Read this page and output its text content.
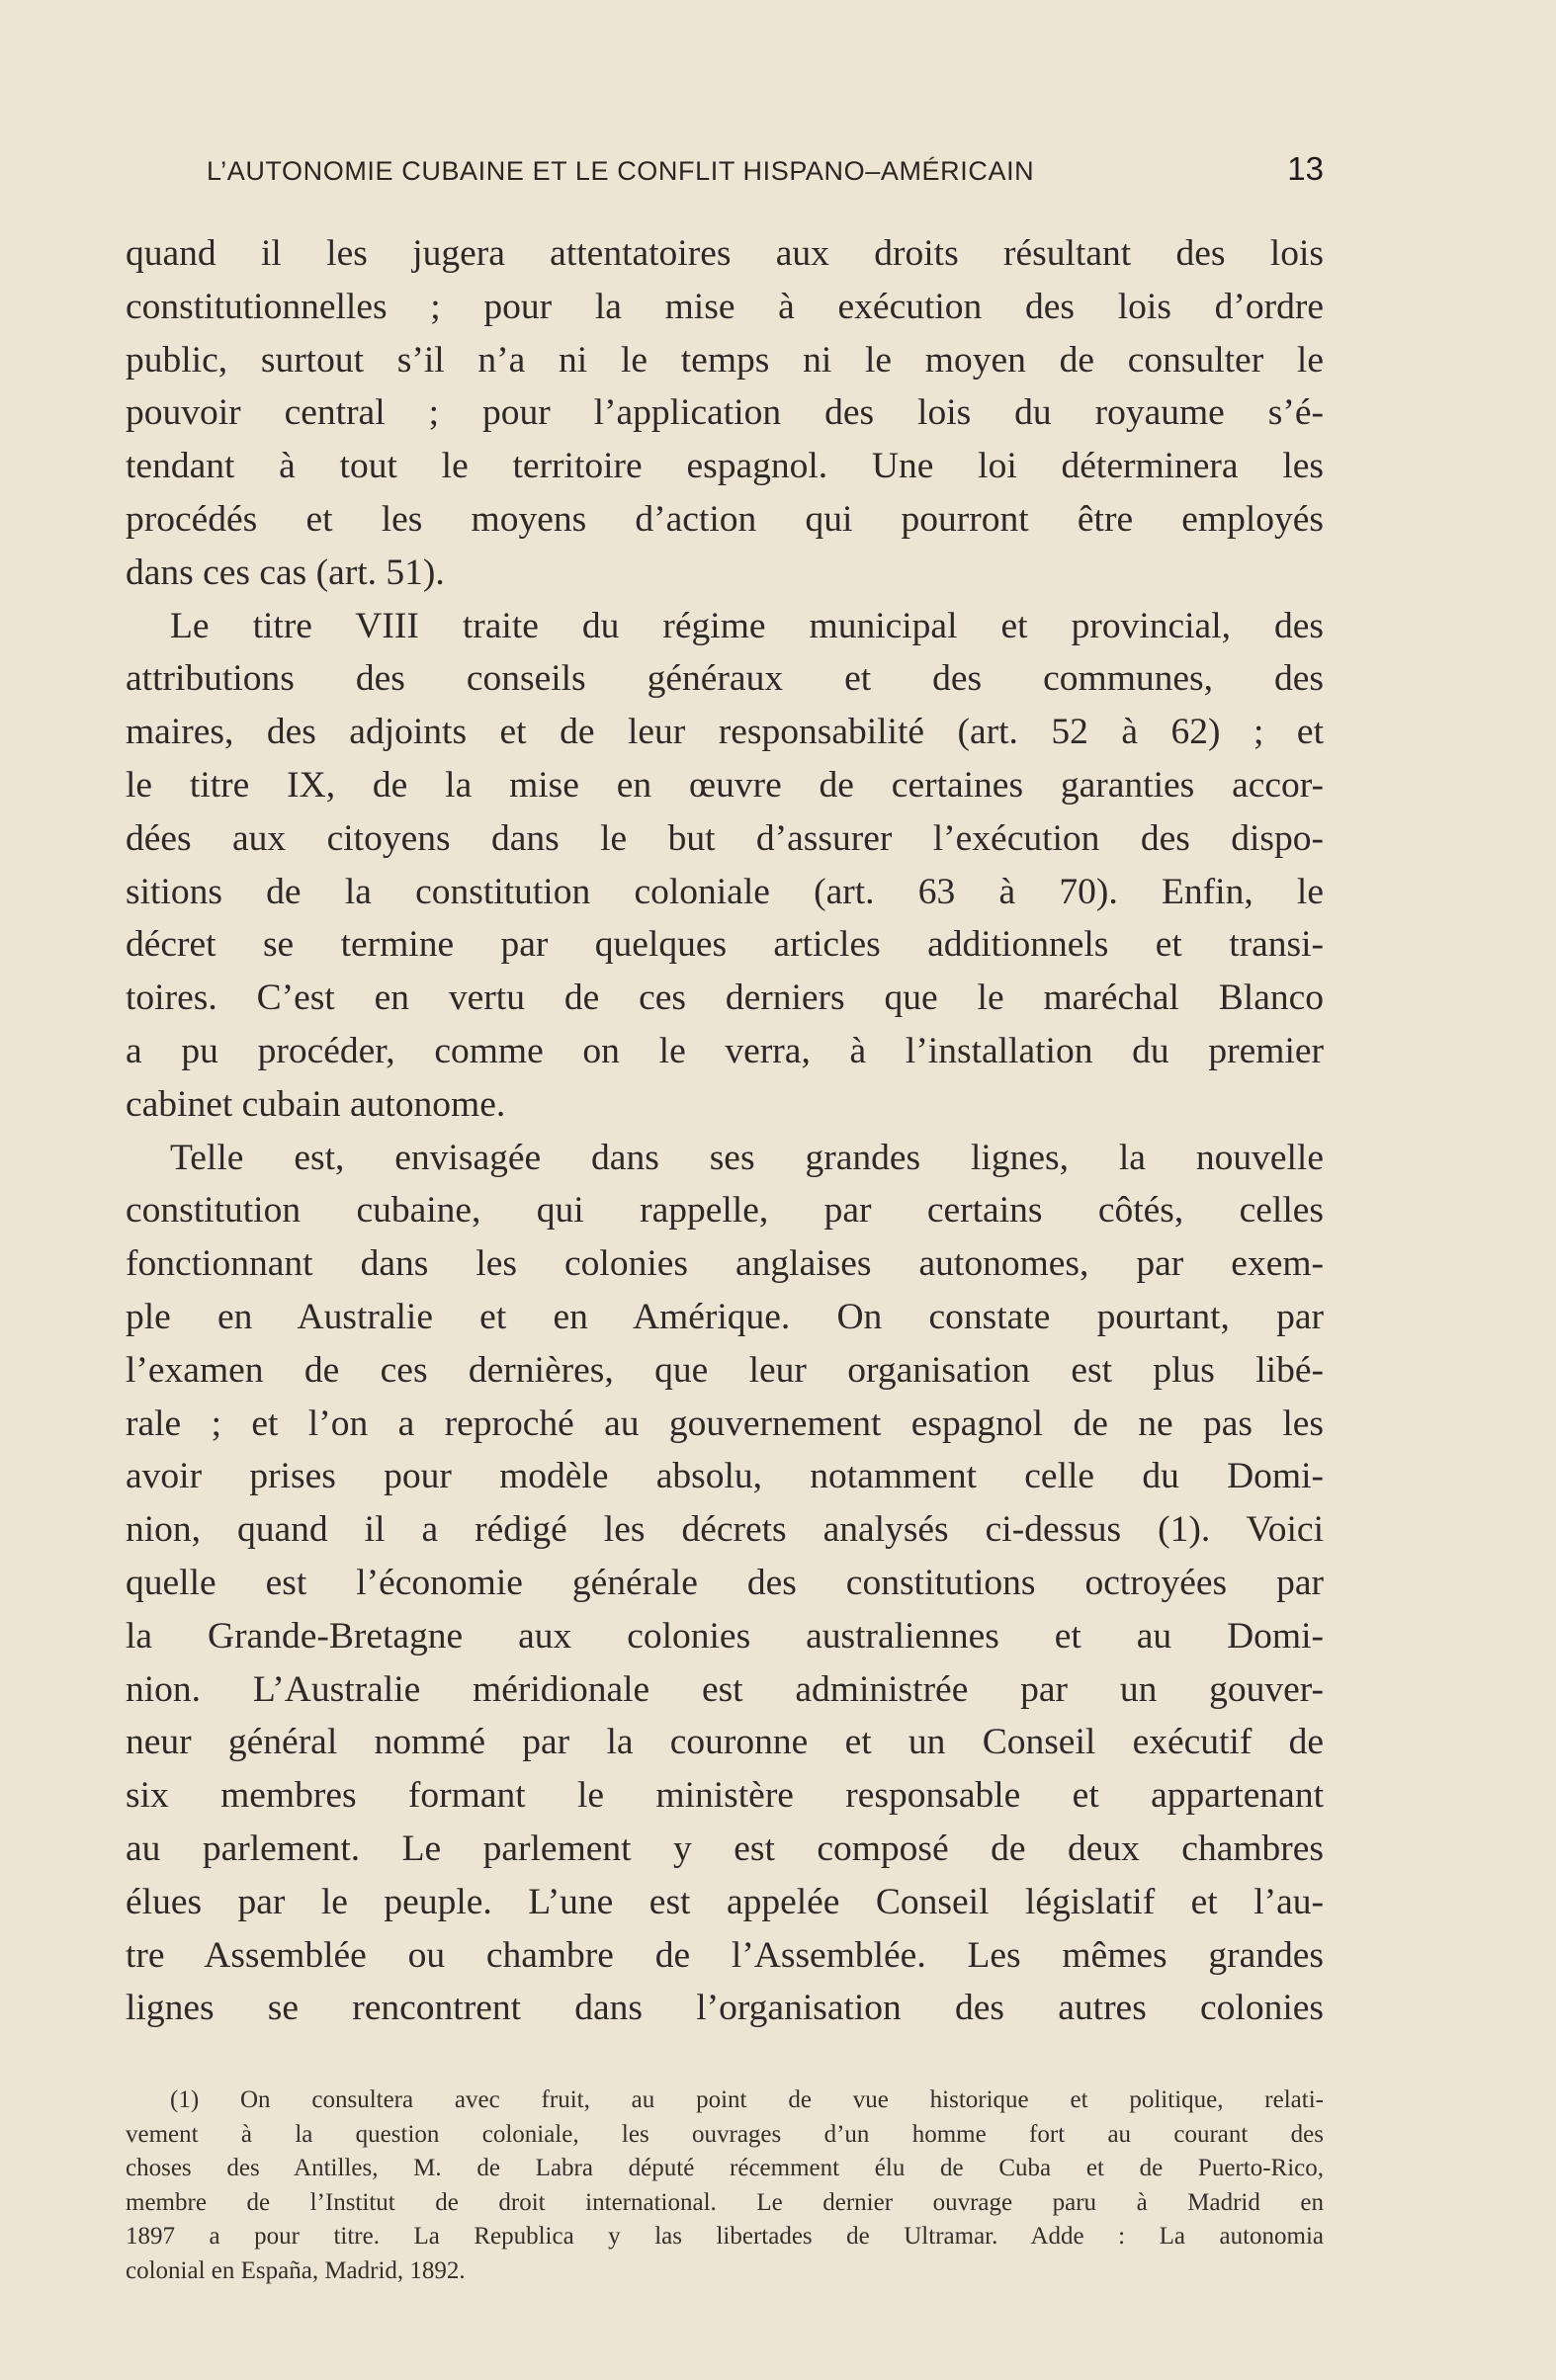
L’AUTONOMIE CUBAINE ET LE CONFLIT HISPANO–AMÉRICAIN	13
quand il les jugera attentatoires aux droits résultant des lois
constitutionnelles ; pour la mise à exécution des lois d’ordre
public, surtout s’il n’a ni le temps ni le moyen de consulter le
pouvoir central ; pour l’application des lois du royaume s’é-
tendant à tout le territoire espagnol. Une loi déterminera les
procédés et les moyens d’action qui pourront être employés
dans ces cas (art. 51).
Le titre VIII traite du régime municipal et provincial, des
attributions des conseils généraux et des communes, des
maires, des adjoints et de leur responsabilité (art. 52 à 62) ; et
le titre IX, de la mise en œuvre de certaines garanties accor-
dées aux citoyens dans le but d’assurer l’exécution des dispo-
sitions de la constitution coloniale (art. 63 à 70). Enfin, le
décret se termine par quelques articles additionnels et transi-
toires. C’est en vertu de ces derniers que le maréchal Blanco
a pu procéder, comme on le verra, à l’installation du premier
cabinet cubain autonome.
Telle est, envisagée dans ses grandes lignes, la nouvelle
constitution cubaine, qui rappelle, par certains côtés, celles
fonctionnant dans les colonies anglaises autonomes, par exem-
ple en Australie et en Amérique. On constate pourtant, par
l’examen de ces dernières, que leur organisation est plus libé-
rale ; et l’on a reproché au gouvernement espagnol de ne pas les
avoir prises pour modèle absolu, notamment celle du Domi-
nion, quand il a rédigé les décrets analysés ci-dessus (1). Voici
quelle est l’économie générale des constitutions octroyées par
la Grande-Bretagne aux colonies australiennes et au Domi-
nion. L’Australie méridionale est administrée par un gouver-
neur général nommé par la couronne et un Conseil exécutif de
six membres formant le ministère responsable et appartenant
au parlement. Le parlement y est composé de deux chambres
élues par le peuple. L’une est appelée Conseil législatif et l’au-
tre Assemblée ou chambre de l’Assemblée. Les mêmes grandes
lignes se rencontrent dans l’organisation des autres colonies
(1) On consultera avec fruit, au point de vue historique et politique, relati-
vement à la question coloniale, les ouvrages d’un homme fort au courant des
choses des Antilles, M. de Labra député récemment élu de Cuba et de Puerto-Rico,
membre de l’Institut de droit international. Le dernier ouvrage paru à Madrid en
1897 a pour titre. La Republica y las libertades de Ultramar. Adde : La autonomia
colonial en España, Madrid, 1892.
